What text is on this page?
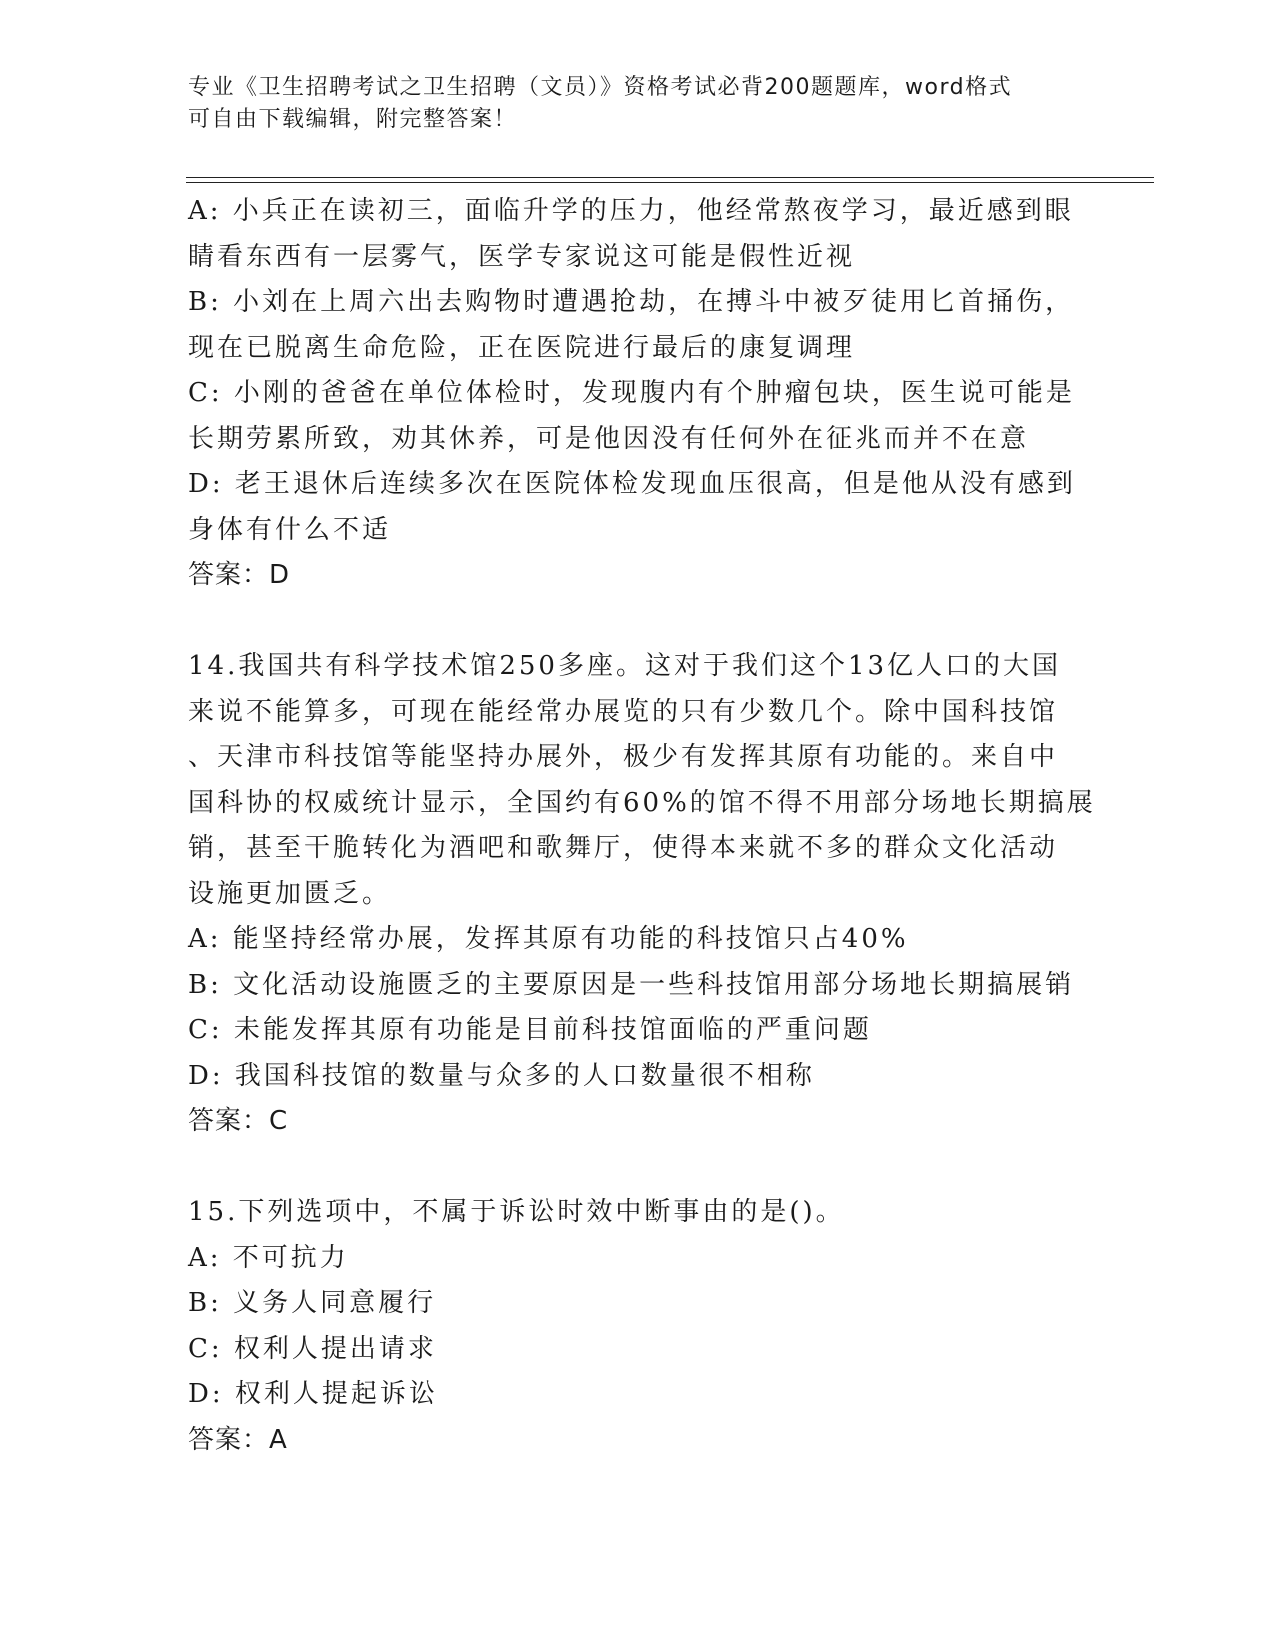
专业《卫生招聘考试之卫生招聘（文员）》资格考试必背200题题库，word格式
可自由下载编辑，附完整答案！
A: 小兵正在读初三，面临升学的压力，他经常熬夜学习，最近感到眼
睛看东西有一层雾气，医学专家说这可能是假性近视
B: 小刘在上周六出去购物时遭遇抢劫，在搏斗中被歹徒用匕首捅伤，
现在已脱离生命危险，正在医院进行最后的康复调理
C: 小刚的爸爸在单位体检时，发现腹内有个肿瘤包块，医生说可能是
长期劳累所致，劝其休养，可是他因没有任何外在征兆而并不在意
D: 老王退休后连续多次在医院体检发现血压很高，但是他从没有感到
身体有什么不适
答案：D
14.我国共有科学技术馆250多座。这对于我们这个13亿人口的大国
来说不能算多，可现在能经常办展览的只有少数几个。除中国科技馆
、天津市科技馆等能坚持办展外，极少有发挥其原有功能的。来自中
国科协的权威统计显示，全国约有60%的馆不得不用部分场地长期搞展
销，甚至干脆转化为酒吧和歌舞厅，使得本来就不多的群众文化活动
设施更加匮乏。
A: 能坚持经常办展，发挥其原有功能的科技馆只占40%
B: 文化活动设施匮乏的主要原因是一些科技馆用部分场地长期搞展销
C: 未能发挥其原有功能是目前科技馆面临的严重问题
D: 我国科技馆的数量与众多的人口数量很不相称
答案：C
15.下列选项中，不属于诉讼时效中断事由的是()。
A: 不可抗力
B: 义务人同意履行
C: 权利人提出请求
D: 权利人提起诉讼
答案：A
